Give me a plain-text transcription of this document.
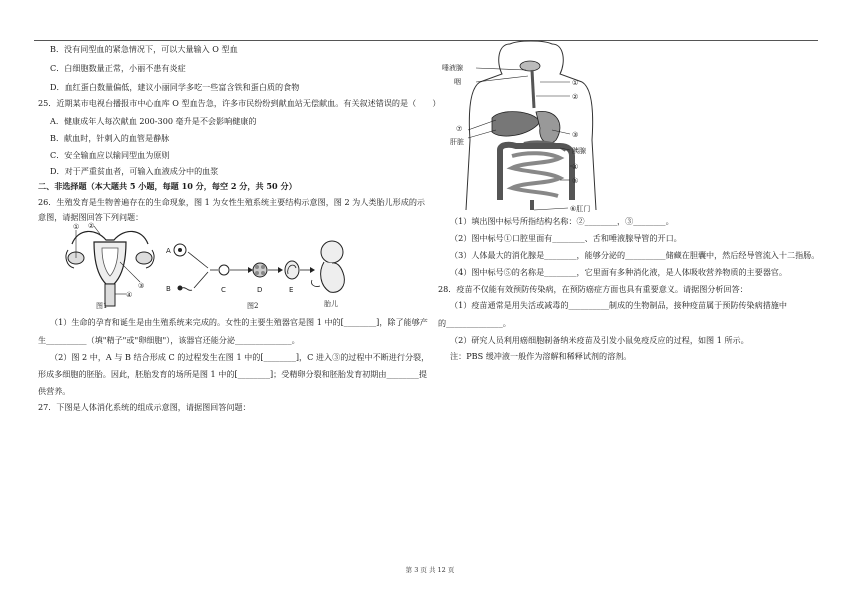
B．没有同型血的紧急情况下，可以大量输入 O 型血
C．白细胞数量正常，小丽不患有炎症
D．血红蛋白数量偏低，建议小丽同学多吃一些富含铁和蛋白质的食物
25．近期某市电视台播报市中心血库 O 型血告急，许多市民纷纷到献血站无偿献血。有关叙述错误的是（　　）
A．健康成年人每次献血 200-300 毫升是不会影响健康的
B．献血时，针刺入的血管是静脉
C．安全输血应以输同型血为原则
D．对于严重贫血者，可输入血液成分中的血浆
二、非选择题（本大题共 5 小题，每题 10 分，每空 2 分，共 50 分）
26．生殖发育是生物普遍存在的生命现象，图 1 为女性生殖系统主要结构示意图，图 2 为人类胎儿形成的示
意图，请据图回答下列问题：
① ②
③
④
图1
A
B	C	D	E
胎儿
图2
（1）生命的孕育和诞生是由生殖系统来完成的。女性的主要生殖器官是图 1 中的[________]，除了能够产
生__________（填"精子"或"卵细胞"），该器官还能分泌______________。
（2）图 2 中，A 与 B 结合形成 C 的过程发生在图 1 中的[________]，C 进入③的过程中不断进行分裂，
形成多细胞的胚胎。因此，胚胎发育的场所是图 1 中的[________]；受精卵分裂和胚胎发育初期由________提
供营养。
27．下图是人体消化系统的组成示意图，请据图回答问题：
唾液腺
咽	①
②
③
胰腺
④
⑤
⑥肛门
⑦
肝脏
（1）填出图中标号所指结构名称：②________，③________。
（2）图中标号①口腔里面有________、舌和唾液腺导管的开口。
（3）人体最大的消化腺是________，能够分泌的__________储藏在胆囊中，然后经导管流入十二指肠。
（4）图中标号⑤的名称是________，它里面有多种消化液，是人体吸收营养物质的主要器官。
28．疫苗不仅能有效预防传染病，在预防癌症方面也具有重要意义。请据图分析回答：
（1）疫苗通常是用失活或减毒的__________制成的生物制品，接种疫苗属于预防传染病措施中
的______________。
（2）研究人员利用癌细胞制备纳米疫苗及引发小鼠免疫反应的过程，如图 1 所示。
注：PBS 缓冲液一般作为溶解和稀释试剂的溶剂。
第 3 页 共 12 页
